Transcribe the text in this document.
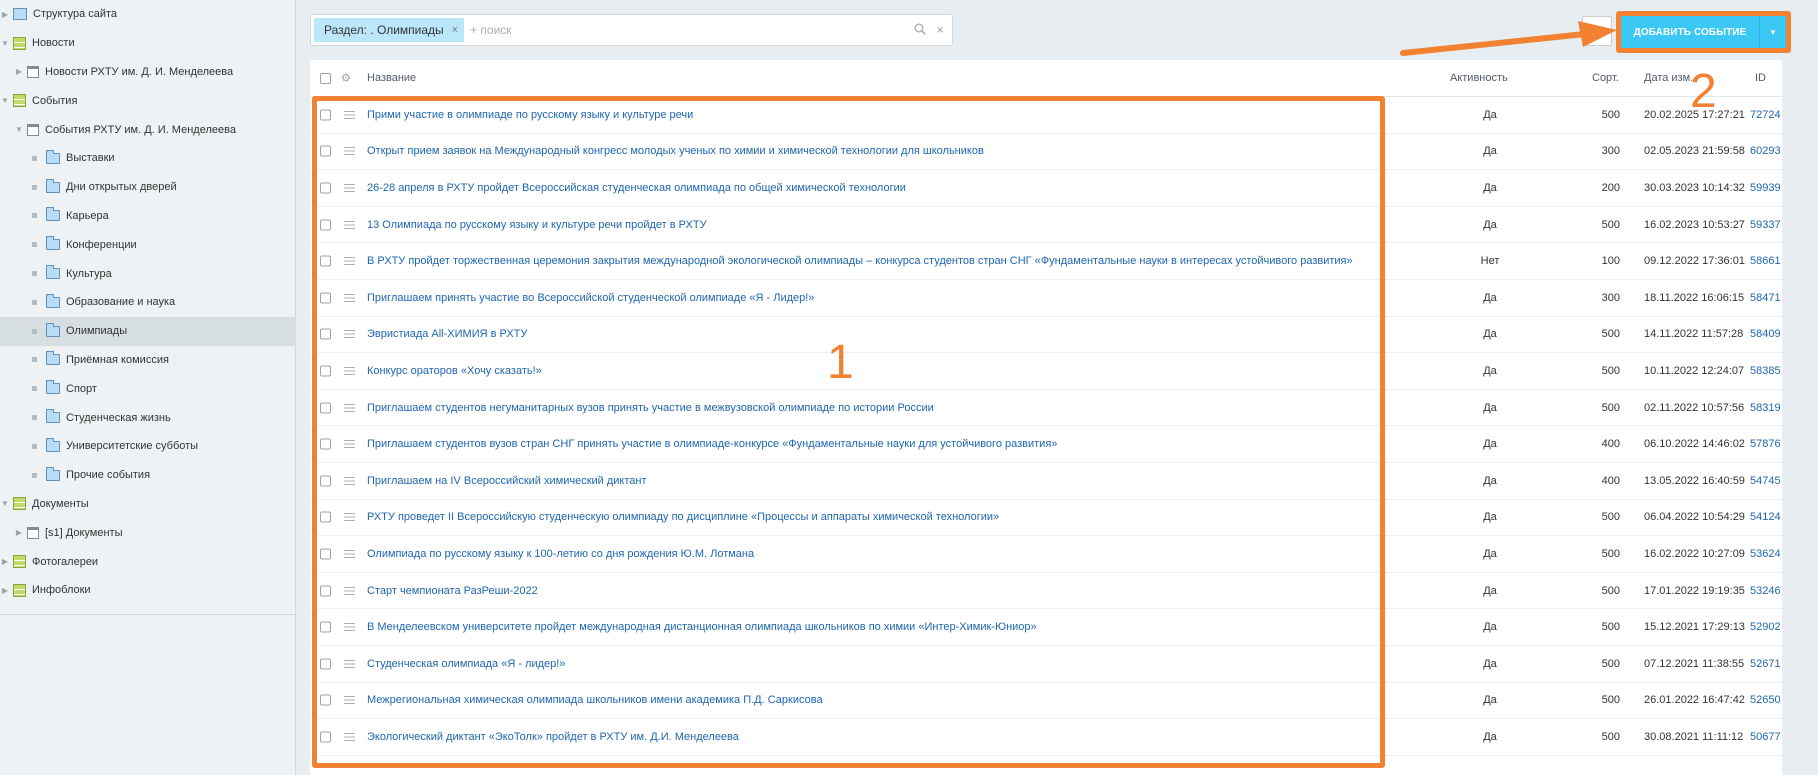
▶ Структура сайта
▼ Новости
▶ Новости РХТУ им. Д. И. Менделеева
▼ События
▼ События РХТУ им. Д. И. Менделеева
Выставки
Дни открытых дверей
Карьера
Конференции
Культура
Образование и наука
Олимпиады
Приёмная комиссия
Спорт
Студенческая жизнь
Университетские субботы
Прочие события
▼ Документы
▶ [s1] Документы
▶ Фотогалереи
▶ Инфоблоки
Раздел: . Олимпиады ×
+ поиск	×	ДОБАВИТЬ СОБЫТИЕ	▾
⚙ Название	Активность	Сорт. Дата изм.	ID
Прими участие в олимпиаде по русскому языку и культуре речи	Да	500 20.02.2025 17:27:21 72724
Открыт прием заявок на Международный конгресс молодых ученых по химии и химической технологии для школьников	Да	300 02.05.2023 21:59:58 60293
26-28 апреля в РХТУ пройдет Всероссийская студенческая олимпиада по общей химической технологии	Да	200 30.03.2023 10:14:32 59939
13 Олимпиада по русскому языку и культуре речи пройдет в РХТУ	Да	500 16.02.2023 10:53:27 59337
В РХТУ пройдет торжественная церемония закрытия международной экологической олимпиады – конкурса студентов стран СНГ «Фундаментальные науки в интересах устойчивого развития»	Нет	100 09.12.2022 17:36:01 58661
Приглашаем принять участие во Всероссийской студенческой олимпиаде «Я - Лидер!»	Да	300 18.11.2022 16:06:15 58471
Эвристиада All-ХИМИЯ в РХТУ	Да	500 14.11.2022 11:57:28 58409
Конкурс ораторов «Хочу сказать!»	Да	500 10.11.2022 12:24:07 58385
Приглашаем студентов негуманитарных вузов принять участие в межвузовской олимпиаде по истории России	Да	500 02.11.2022 10:57:56 58319
Приглашаем студентов вузов стран СНГ принять участие в олимпиаде-конкурсе «Фундаментальные науки для устойчивого развития»	Да	400 06.10.2022 14:46:02 57876
Приглашаем на IV Всероссийский химический диктант	Да	400 13.05.2022 16:40:59 54745
РХТУ проведет II Всероссийскую студенческую олимпиаду по дисциплине «Процессы и аппараты химической технологии»	Да	500 06.04.2022 10:54:29 54124
Олимпиада по русскому языку к 100-летию со дня рождения Ю.М. Лотмана	Да	500 16.02.2022 10:27:09 53624
Старт чемпионата РазРеши-2022	Да	500 17.01.2022 19:19:35 53246
В Менделеевском университете пройдет международная дистанционная олимпиада школьников по химии «Интер-Химик-Юниор»	Да	500 15.12.2021 17:29:13 52902
Студенческая олимпиада «Я - лидер!»	Да	500 07.12.2021 11:38:55 52671
Межрегиональная химическая олимпиада школьников имени академика П.Д. Саркисова	Да	500 26.01.2022 16:47:42 52650
Экологический диктант «ЭкоТолк» пройдет в РХТУ им. Д.И. Менделеева	Да	500 30.08.2021 11:11:12 50677
1
2
